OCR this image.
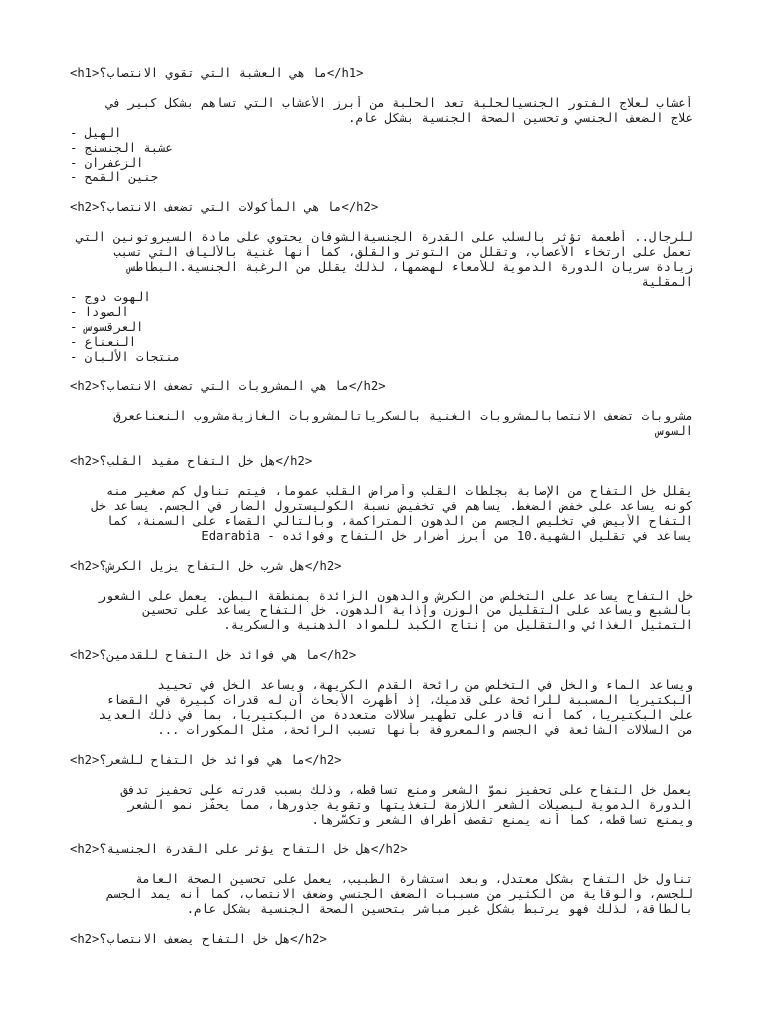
<h1>ما هي العشبة التي تقوي الانتصاب؟</h1>
أعشاب لعلاج الفتور الجنسيالحلبة تعد الحلبة من أبرز الأعشاب التي تساهم بشكل كبير في
علاج الضعف الجنسي وتحسين الصحة الجنسية بشكل عام.
- الهيل
- عشبة الجنسنج
- الزعفران
- جنين القمح
<h2>ما هي المأكولات التي تضعف الانتصاب؟</h2>
للرجال.. أطعمة تؤثر بالسلب على القدرة الجنسيةالشوفان يحتوي على مادة السيروتونين التي
تعمل على ارتخاء الأعصاب، وتقلل من التوتر والقلق، كما أنها غنية بالألياف التي تسبب
زيادة سريان الدورة الدموية للأمعاء لهضمها، لذلك يقلل من الرغبة الجنسية.البطاطس
المقلية
- الهوت دوج
- الصودا
- العرقسوس
- النعناع
- منتجات الألبان
<h2>ما هي المشروبات التي تضعف الانتصاب؟</h2>
مشروبات تضعف الانتصابالمشروبات الغنية بالسكرياتالمشروبات الغازيةمشروب النعناععرق
السوس
<h2>هل خل التفاح مفيد القلب؟</h2>
يقلل خل التفاح من الإصابة بجلطات القلب وأمراض القلب عموماً، فيتم تناول كم صغير منه
كونه يساعد على خفض الضغط. يساهم في تخفيض نسبة الكوليسترول الضار في الجسم. يساعد خل
التفاح الأبيض في تخليص الجسم من الدهون المتراكمة، وبالتالي القضاء على السمنة، كما
يساعد في تقليل الشهية.10 من أبرز أضرار خل التفاح وفوائده - Edarabia
<h2>هل شرب خل التفاح يزيل الكرش؟</h2>
خل التفاح يساعد على التخلص من الكرش والدهون الزائدة بمنطقة البطن. يعمل على الشعور
بالشبع ويساعد على التقليل من الوزن وإذابة الدهون. خل التفاح يساعد على تحسين
التمثيل الغذائي والتقليل من إنتاج الكبد للمواد الدهنية والسكرية.
<h2>ما هي فوائد خل التفاح للقدمين؟</h2>
ويساعد الماء والخل في التخلص من رائحة القدم الكريهة، ويساعد الخل في تحييد
البكتيريا المسببة للرائحة على قدميك، إذ أظهرت الأبحاث أن له قدرات كبيرة في القضاء
على البكتيريا، كما أنه قادر على تطهير سلالات متعددة من البكتيريا، بما في ذلك العديد
من السلالات الشائعة في الجسم والمعروفة بأنها تسبب الرائحة، مثل المكورات ...
<h2>ما هي فوائد خل التفاح للشعر؟</h2>
يعمل خل التفاح على تحفيز نموّ الشعر ومنع تساقطه، وذلك بسبب قدرته على تحفيز تدفق
الدورة الدموية لبصيلات الشعر اللازمة لتغذيتها وتقوية جذورها، مما يحفّز نمو الشعر
ويمنع تساقطه، كما أنه يمنع تقصف أطراف الشعر وتكسّرها.
<h2>هل خل التفاح يؤثر على القدرة الجنسية؟</h2>
تناول خل التفاح بشكل معتدل، وبعد استشارة الطبيب، يعمل على تحسين الصحة العامة
للجسم، والوقاية من الكثير من مسببات الضعف الجنسي وضعف الانتصاب، كما أنه يمد الجسم
بالطاقة، لذلك فهو يرتبط بشكل غير مباشر بتحسين الصحة الجنسية بشكل عام.
<h2>هل خل التفاح يضعف الانتصاب؟</h2>
